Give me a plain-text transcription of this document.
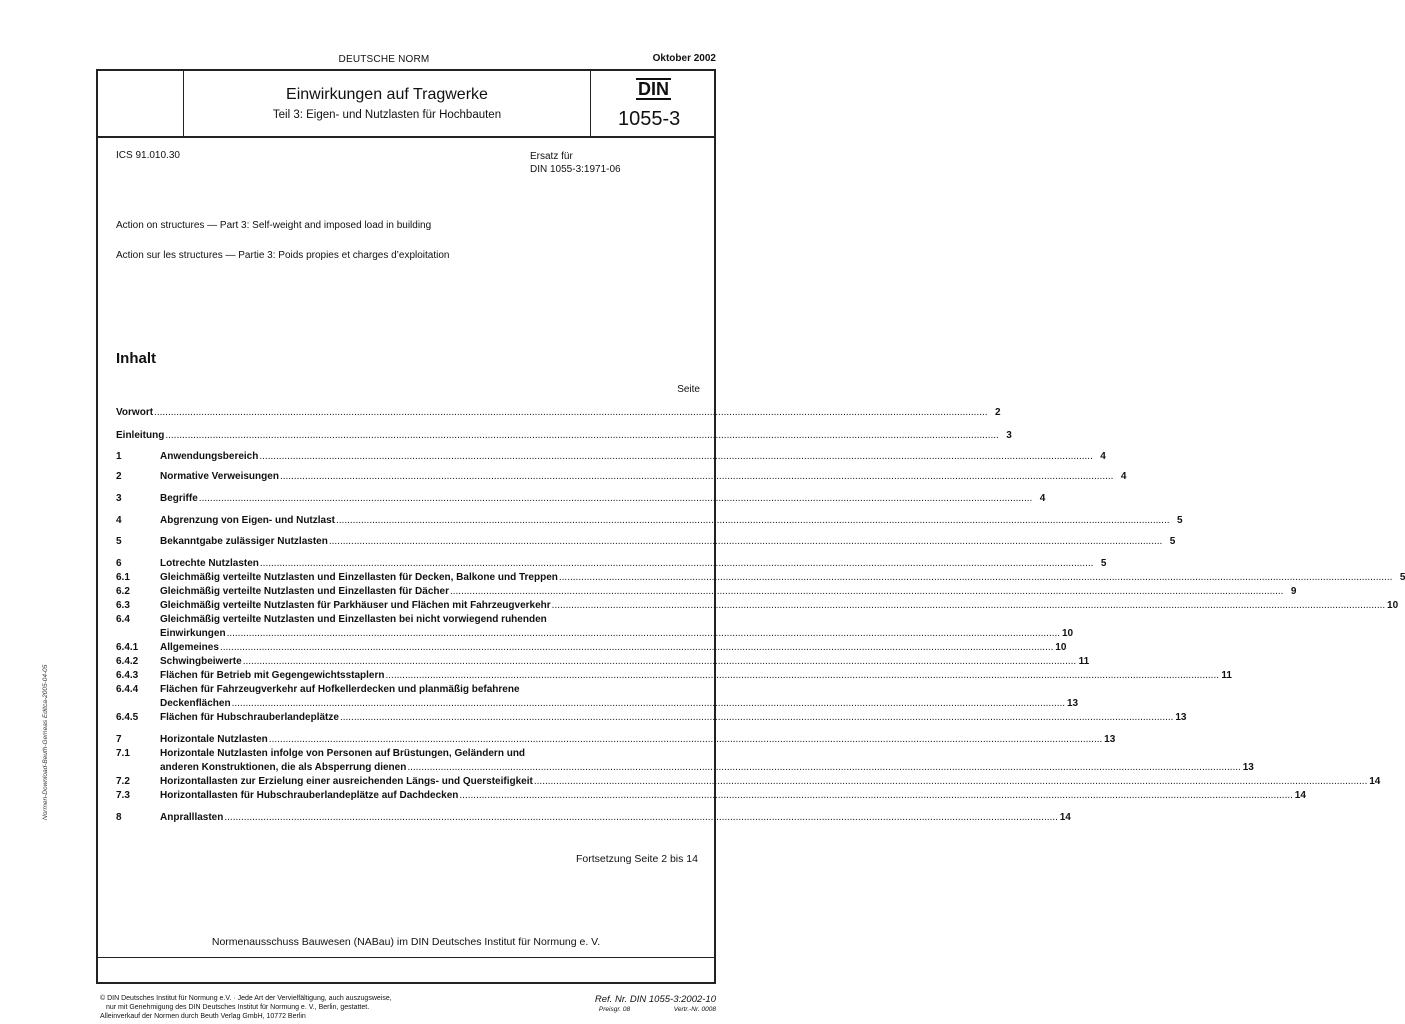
DEUTSCHE NORM	Oktober 2002
Einwirkungen auf Tragwerke
Teil 3: Eigen- und Nutzlasten für Hochbauten
DIN
1055-3
ICS 91.010.30	Ersatz für
DIN 1055-3:1971-06
Action on structures — Part 3: Self-weight and imposed load in building
Action sur les structures — Partie 3: Poids propies et charges d’exploitation
Inhalt
Seite
Vorwort ............................................................................................................................................................................................................................................................................................................ 2
Einleitung ............................................................................................................................................................................................................................................................................................................ 3
1	Anwendungsbereich ............................................................................................................................................................................................................................................................................................................ 4
2	Normative Verweisungen ............................................................................................................................................................................................................................................................................................................ 4
3	Begriffe ............................................................................................................................................................................................................................................................................................................ 4
4	Abgrenzung von Eigen- und Nutzlast ............................................................................................................................................................................................................................................................................................................ 5
5	Bekanntgabe zulässiger Nutzlasten ............................................................................................................................................................................................................................................................................................................ 5
6	Lotrechte Nutzlasten ............................................................................................................................................................................................................................................................................................................ 5
6.1	Gleichmäßig verteilte Nutzlasten und Einzellasten für Decken, Balkone und Treppen ............................................................................................................................................................................................................................................................................................................ 5
6.2	Gleichmäßig verteilte Nutzlasten und Einzellasten für Dächer ............................................................................................................................................................................................................................................................................................................ 9
6.3	Gleichmäßig verteilte Nutzlasten für Parkhäuser und Flächen mit Fahrzeugverkehr ............................................................................................................................................................................................................................................................................................................ 10
6.4	Gleichmäßig verteilte Nutzlasten und Einzellasten bei nicht vorwiegend ruhenden
Einwirkungen ............................................................................................................................................................................................................................................................................................................ 10
6.4.1	Allgemeines ............................................................................................................................................................................................................................................................................................................ 10
6.4.2	Schwingbeiwerte ............................................................................................................................................................................................................................................................................................................ 11
6.4.3	Flächen für Betrieb mit Gegengewichtsstaplern ............................................................................................................................................................................................................................................................................................................ 11
6.4.4	Flächen für Fahrzeugverkehr auf Hofkellerdecken und planmäßig befahrene
Deckenflächen ............................................................................................................................................................................................................................................................................................................ 13
6.4.5	Flächen für Hubschrauberlandeplätze ............................................................................................................................................................................................................................................................................................................ 13
7	Horizontale Nutzlasten ............................................................................................................................................................................................................................................................................................................ 13
7.1	Horizontale Nutzlasten infolge von Personen auf Brüstungen, Geländern und
anderen Konstruktionen, die als Absperrung dienen ............................................................................................................................................................................................................................................................................................................ 13
7.2	Horizontallasten zur Erzielung einer ausreichenden Längs- und Quersteifigkeit ............................................................................................................................................................................................................................................................................................................ 14
7.3	Horizontallasten für Hubschrauberlandeplätze auf Dachdecken ............................................................................................................................................................................................................................................................................................................ 14
8	Anpralllasten ............................................................................................................................................................................................................................................................................................................ 14
Fortsetzung Seite 2 bis 14
Normenausschuss Bauwesen (NABau) im DIN Deutsches Institut für Normung e. V.
© DIN Deutsches Institut für Normung e.V. · Jede Art der Vervielfältigung, auch auszugsweise,
nur mit Genehmigung des DIN Deutsches Institut für Normung e. V., Berlin, gestattet.
Alleinverkauf der Normen durch Beuth Verlag GmbH, 10772 Berlin
Ref. Nr. DIN 1055-3:2002-10
Preisgr. 08	Vertr.-Nr. 0008
Normen-Download-Beuth-Gemeas Editca-2005-04-05
